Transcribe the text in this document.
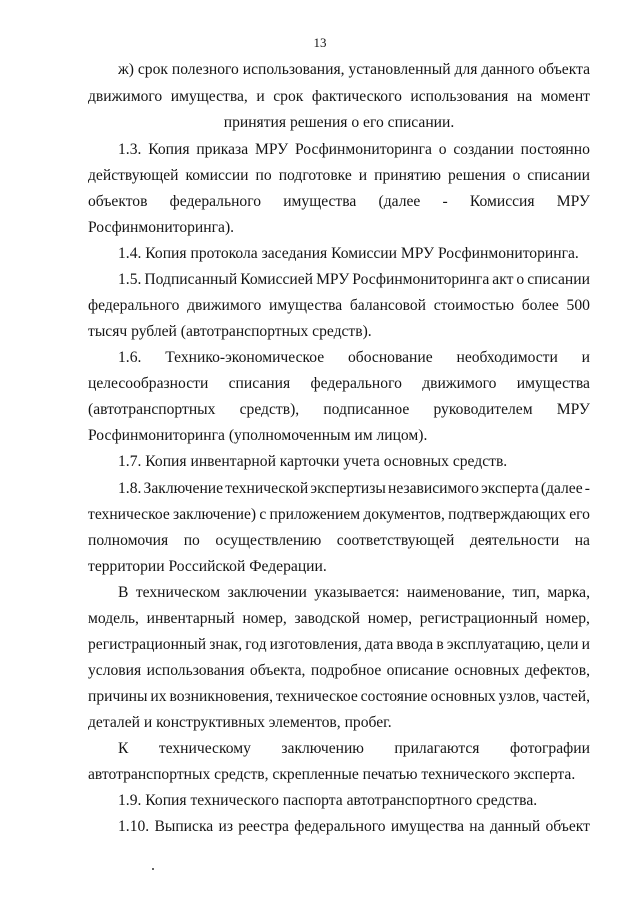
13
ж) срок полезного использования, установленный для данного объекта
движимого имущества, и срок фактического использования на момент
принятия решения о его списании.
1.3. Копия приказа МРУ Росфинмониторинга о создании постоянно
действующей комиссии по подготовке и принятию решения о списании
объектов федерального имущества (далее - Комиссия МРУ
Росфинмониторинга).
1.4. Копия протокола заседания Комиссии МРУ Росфинмониторинга.
1.5. Подписанный Комиссией МРУ Росфинмониторинга акт о списании
федерального движимого имущества балансовой стоимостью более 500
тысяч рублей (автотранспортных средств).
1.6. Технико-экономическое обоснование необходимости и
целесообразности списания федерального движимого имущества
(автотранспортных средств), подписанное руководителем МРУ
Росфинмониторинга (уполномоченным им лицом).
1.7. Копия инвентарной карточки учета основных средств.
1.8. Заключение технической экспертизы независимого эксперта (далее -
техническое заключение) с приложением документов, подтверждающих его
полномочия по осуществлению соответствующей деятельности на
территории Российской Федерации.
В техническом заключении указывается: наименование, тип, марка,
модель, инвентарный номер, заводской номер, регистрационный номер,
регистрационный знак, год изготовления, дата ввода в эксплуатацию, цели и
условия использования объекта, подробное описание основных дефектов,
причины их возникновения, техническое состояние основных узлов, частей,
деталей и конструктивных элементов, пробег.
К техническому заключению прилагаются фотографии
автотранспортных средств, скрепленные печатью технического эксперта.
1.9. Копия технического паспорта автотранспортного средства.
1.10. Выписка из реестра федерального имущества на данный объект
